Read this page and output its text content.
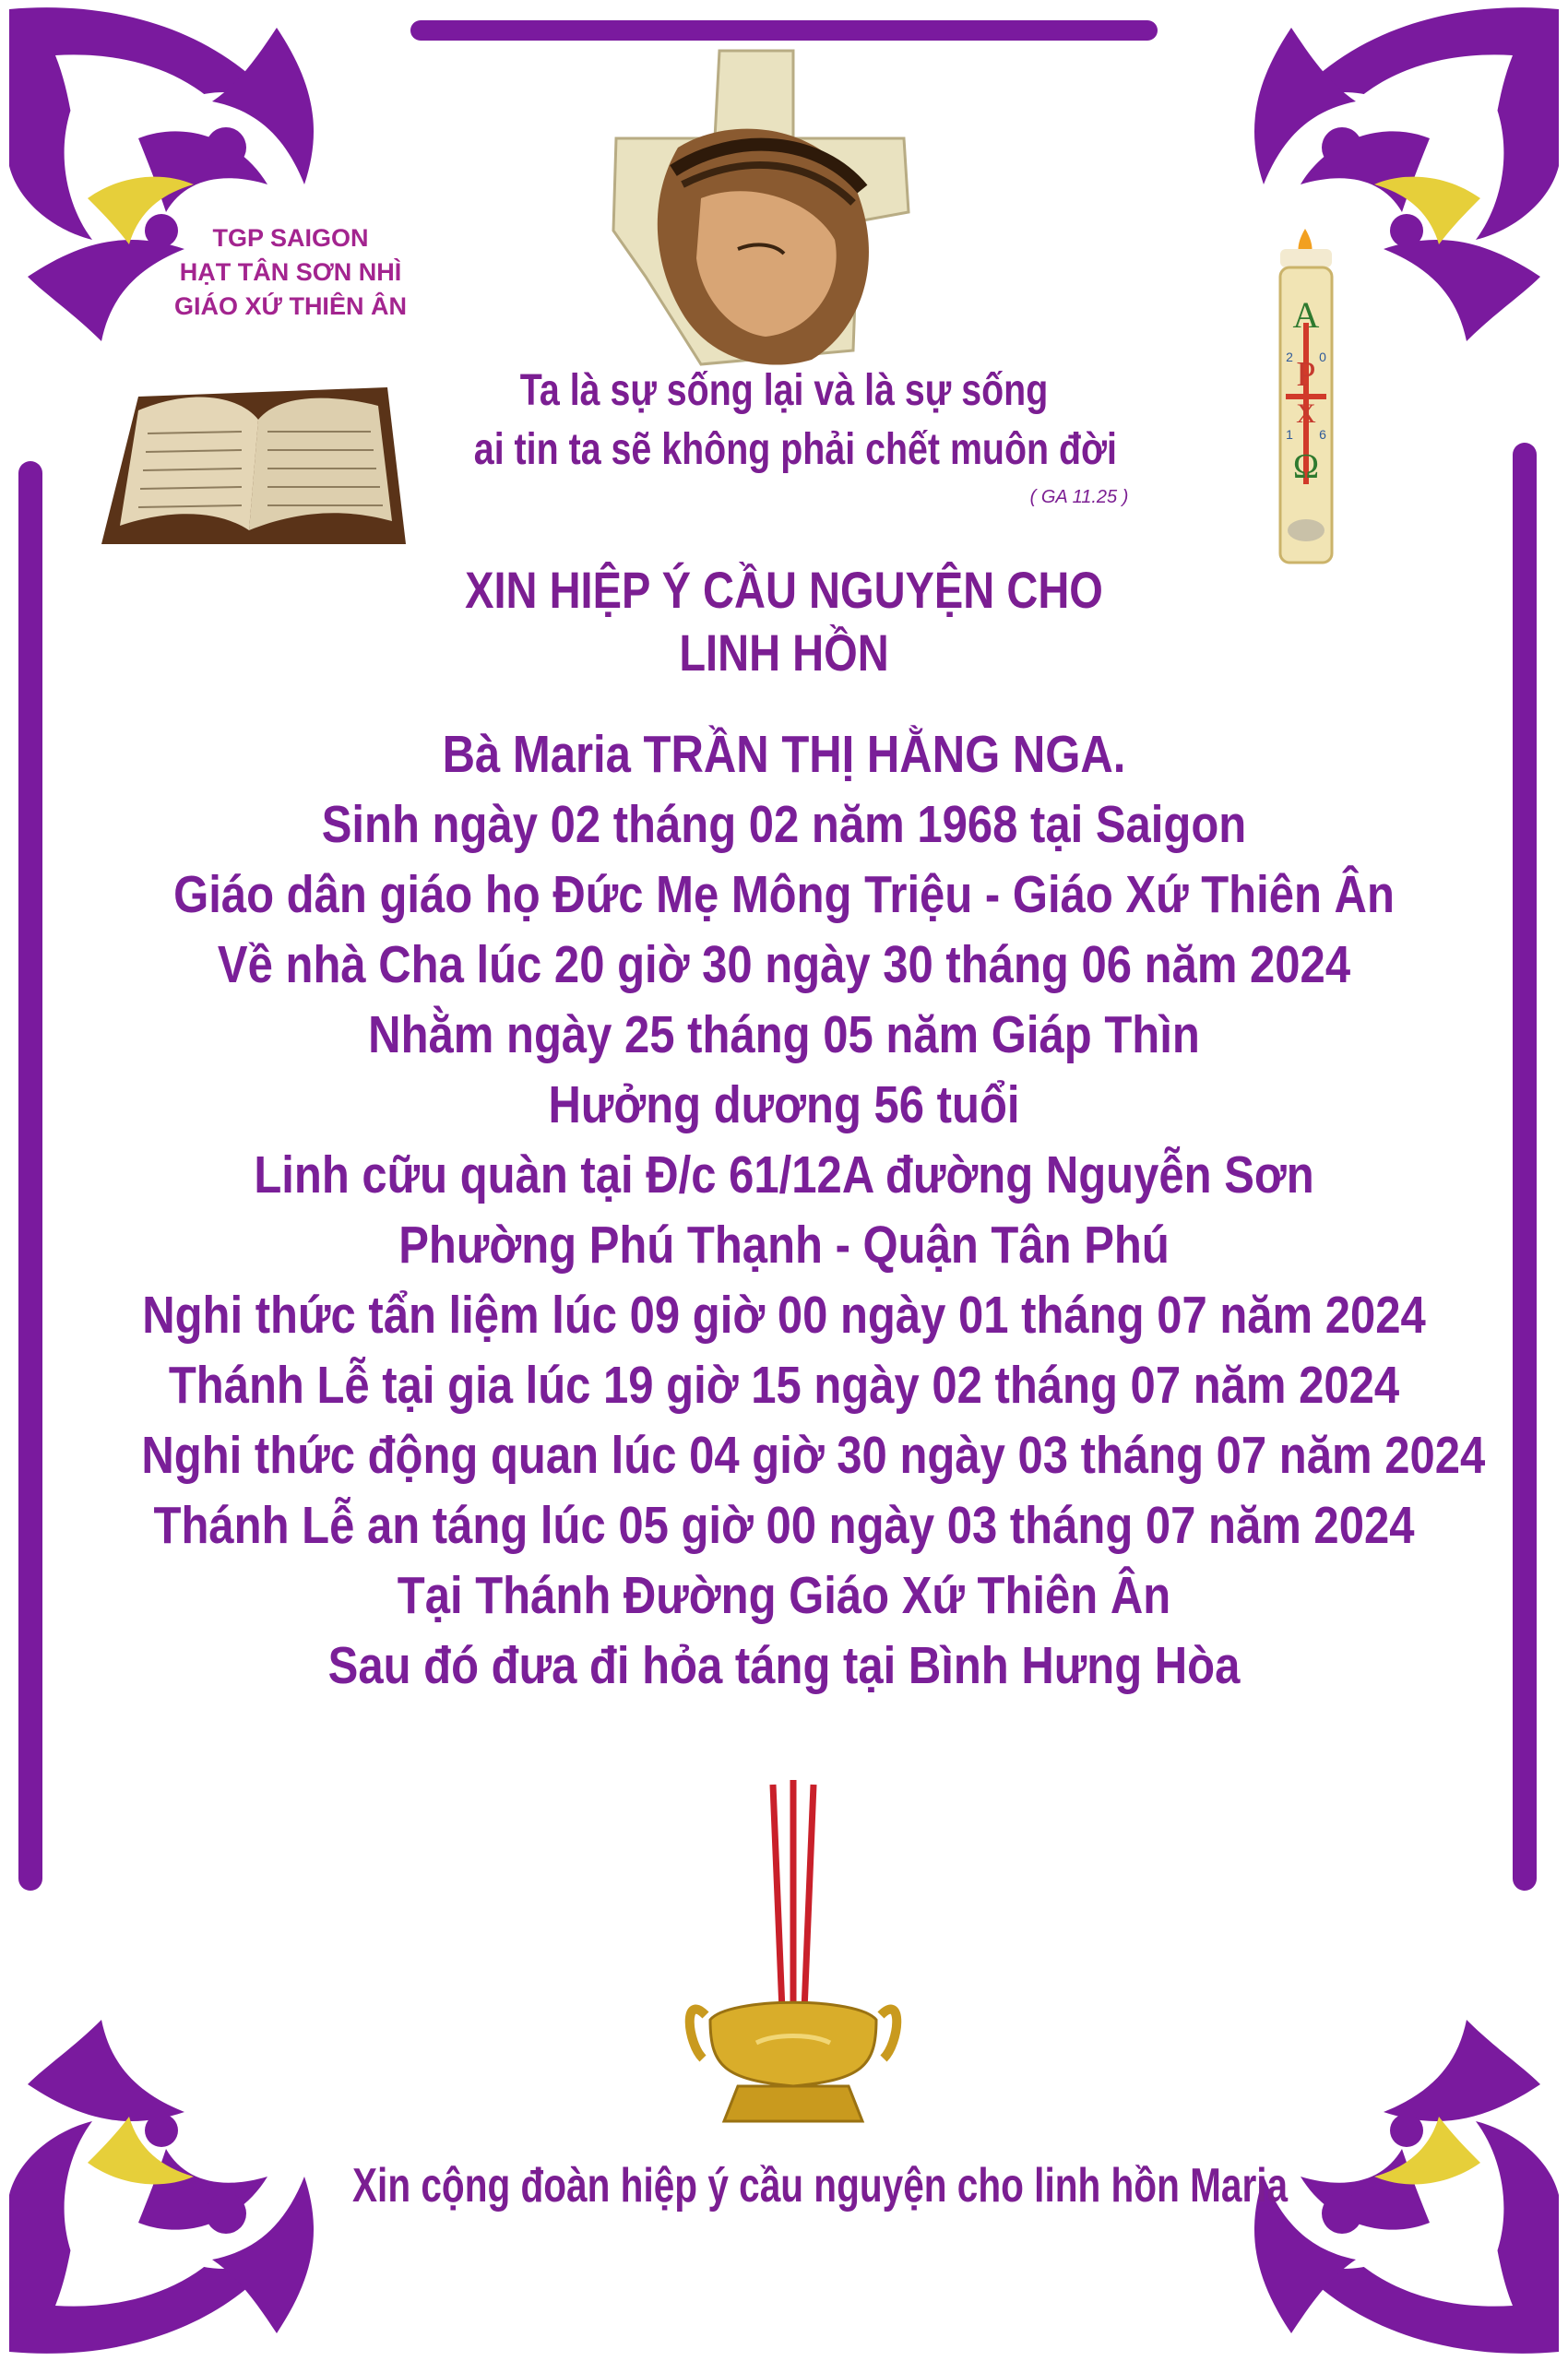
A
P
X
Ω
2 0
1 6
TGP SAIGON
HẠT TÂN SƠN NHÌ
GIÁO XỨ THIÊN ÂN
Ta là sự sống lại và là sự sống
ai tin ta sẽ không phải chết muôn đời
( GA 11.25 )
XIN HIỆP Ý CẦU NGUYỆN CHO
LINH HỒN
Bà Maria TRẦN THỊ HẰNG NGA.
Sinh ngày 02 tháng 02 năm 1968 tại Saigon
Giáo dân giáo họ Đức Mẹ Mông Triệu - Giáo Xứ Thiên Ân
Về nhà Cha lúc 20 giờ 30 ngày 30 tháng 06 năm 2024
Nhằm ngày 25 tháng 05 năm Giáp Thìn
Hưởng dương 56 tuổi
Linh cữu quàn tại Đ/c 61/12A đường Nguyễn Sơn
Phường Phú Thạnh - Quận Tân Phú
Nghi thức tẩn liệm lúc 09 giờ 00 ngày 01 tháng 07 năm 2024
Thánh Lễ tại gia lúc 19 giờ 15 ngày 02 tháng 07 năm 2024
Nghi thức động quan lúc 04 giờ 30 ngày 03 tháng 07 năm 2024
Thánh Lễ an táng lúc 05 giờ 00 ngày 03 tháng 07 năm 2024
Tại Thánh Đường Giáo Xứ Thiên Ân
Sau đó đưa đi hỏa táng tại Bình Hưng Hòa
Xin cộng đoàn hiệp ý cầu nguyện cho linh hồn Maria
